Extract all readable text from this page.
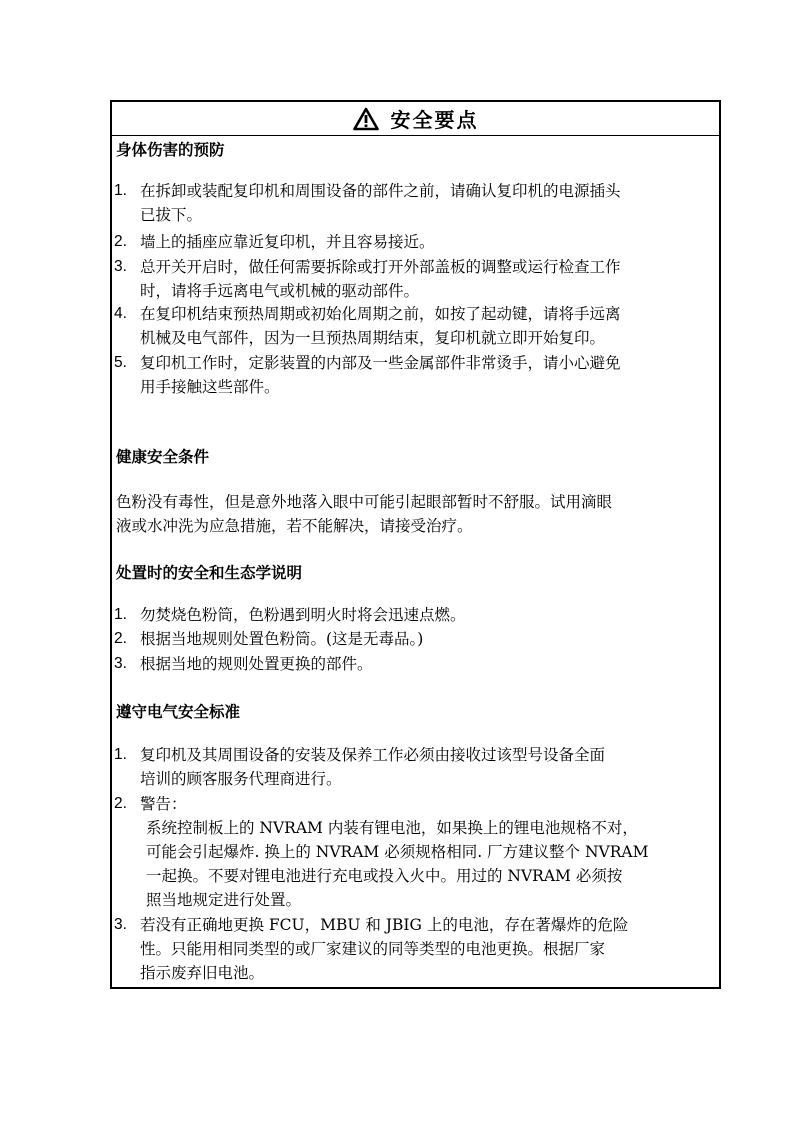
安全要点
身体伤害的预防
1. 在拆卸或装配复印机和周围设备的部件之前，请确认复印机的电源插头
已拔下。
2. 墙上的插座应靠近复印机，并且容易接近。
3. 总开关开启时，做任何需要拆除或打开外部盖板的调整或运行检查工作
时，请将手远离电气或机械的驱动部件。
4. 在复印机结束预热周期或初始化周期之前，如按了起动键，请将手远离
机械及电气部件，因为一旦预热周期结束，复印机就立即开始复印。
5. 复印机工作时，定影装置的内部及一些金属部件非常烫手，请小心避免
用手接触这些部件。
健康安全条件
色粉没有毒性，但是意外地落入眼中可能引起眼部暂时不舒服。试用滴眼
液或水冲洗为应急措施，若不能解决，请接受治疗。
处置时的安全和生态学说明
1. 勿焚烧色粉筒，色粉遇到明火时将会迅速点燃。
2. 根据当地规则处置色粉筒。(这是无毒品。)
3. 根据当地的规则处置更换的部件。
遵守电气安全标准
1. 复印机及其周围设备的安装及保养工作必须由接收过该型号设备全面
培训的顾客服务代理商进行。
2. 警告：
系统控制板上的 NVRAM 内装有锂电池，如果换上的锂电池规格不对，
可能会引起爆炸. 换上的 NVRAM 必须规格相同. 厂方建议整个 NVRAM
一起换。不要对锂电池进行充电或投入火中。用过的 NVRAM 必须按
照当地规定进行处置。
3. 若没有正确地更换 FCU，MBU 和 JBIG 上的电池，存在著爆炸的危险
性。只能用相同类型的或厂家建议的同等类型的电池更换。根据厂家
指示废弃旧电池。
